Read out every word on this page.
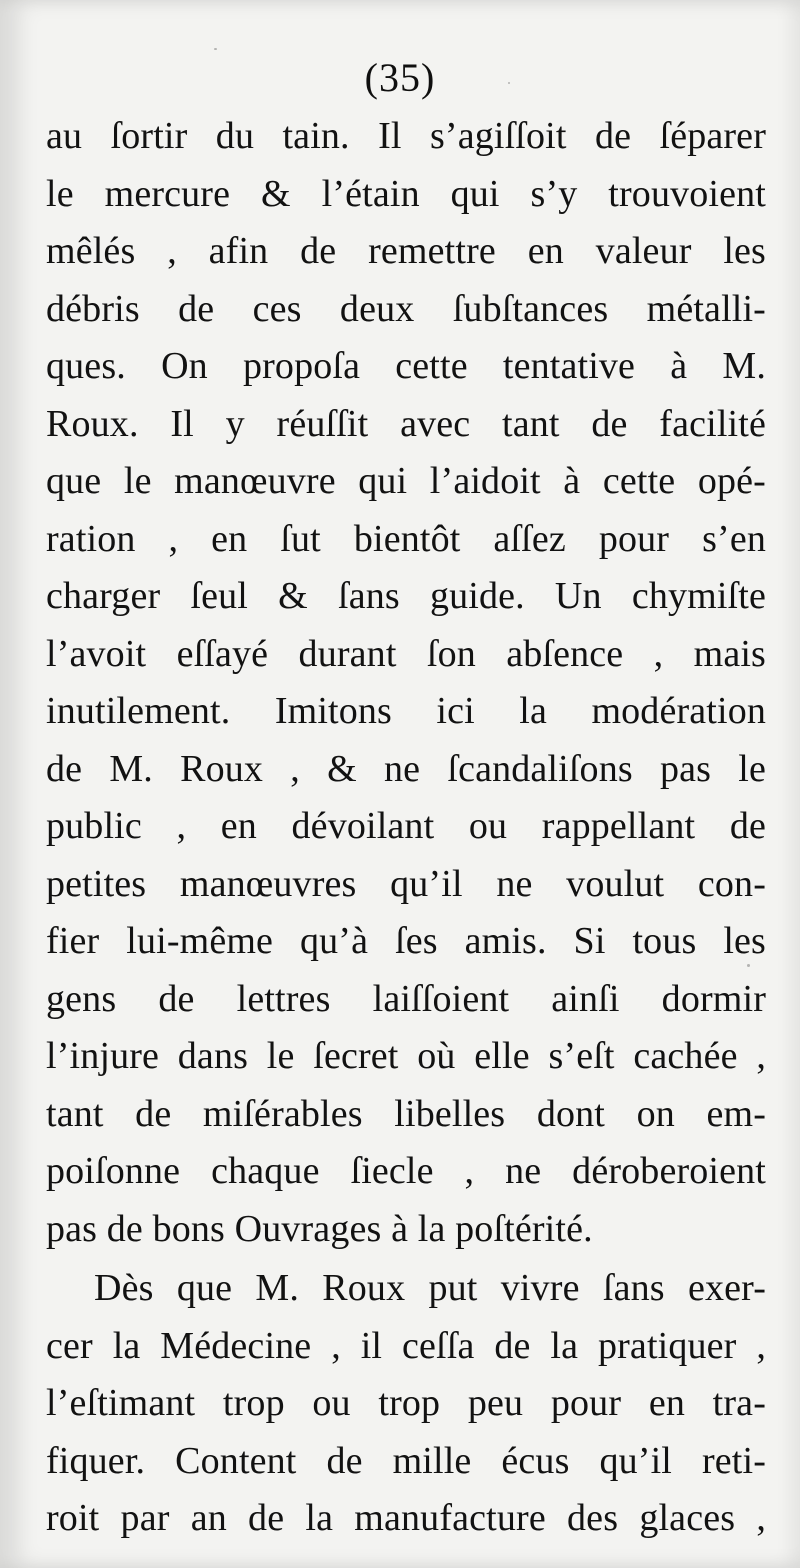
(35)
au ſortir du tain. Il s’agiſſoit de ſéparer
le mercure & l’étain qui s’y trouvoient
mêlés , afin de remettre en valeur les
débris de ces deux ſubſtances métalli-
ques. On propoſa cette tentative à M.
Roux. Il y réuſſit avec tant de facilité
que le manœuvre qui l’aidoit à cette opé-
ration , en ſut bientôt aſſez pour s’en
charger ſeul & ſans guide. Un chymiſte
l’avoit eſſayé durant ſon abſence , mais
inutilement. Imitons ici la modération
de M. Roux , & ne ſcandaliſons pas le
public , en dévoilant ou rappellant de
petites manœuvres qu’il ne voulut con-
fier lui-même qu’à ſes amis. Si tous les
gens de lettres laiſſoient ainſi dormir
l’injure dans le ſecret où elle s’eſt cachée ,
tant de miſérables libelles dont on em-
poiſonne chaque ſiecle , ne déroberoient
pas de bons Ouvrages à la poſtérité.
Dès que M. Roux put vivre ſans exer-
cer la Médecine , il ceſſa de la pratiquer ,
l’eſtimant trop ou trop peu pour en tra-
fiquer. Content de mille écus qu’il reti-
roit par an de la manufacture des glaces ,
